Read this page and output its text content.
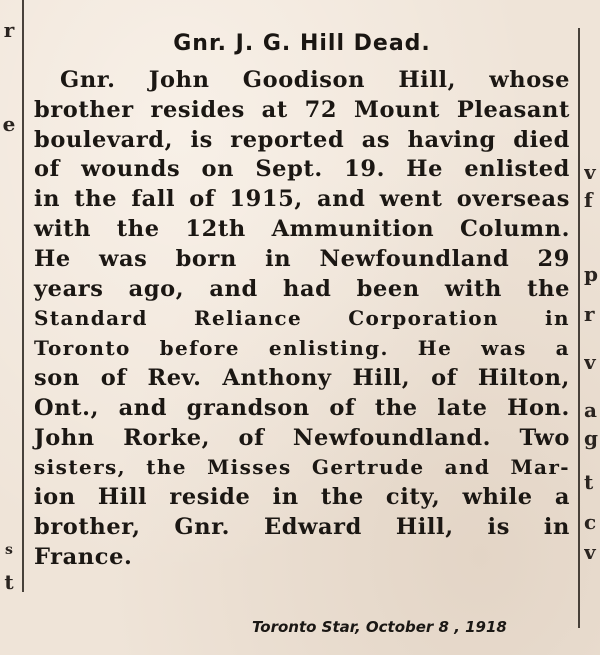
r
e
s
t
v
f
p
r
v
a
g
t
c
v
Gnr. J. G. Hill Dead.
Gnr. John Goodison Hill, whose
brother resides at 72 Mount Pleasant
boulevard, is reported as having died
of wounds on Sept. 19. He enlisted
in the fall of 1915, and went overseas
with the 12th Ammunition Column.
He was born in Newfoundland 29
years ago, and had been with the
Standard Reliance Corporation in
Toronto before enlisting. He was a
son of Rev. Anthony Hill, of Hilton,
Ont., and grandson of the late Hon.
John Rorke, of Newfoundland. Two
sisters, the Misses Gertrude and Mar-
ion Hill reside in the city, while a
brother, Gnr. Edward Hill, is in
France.
Toronto Star, October 8 , 1918
